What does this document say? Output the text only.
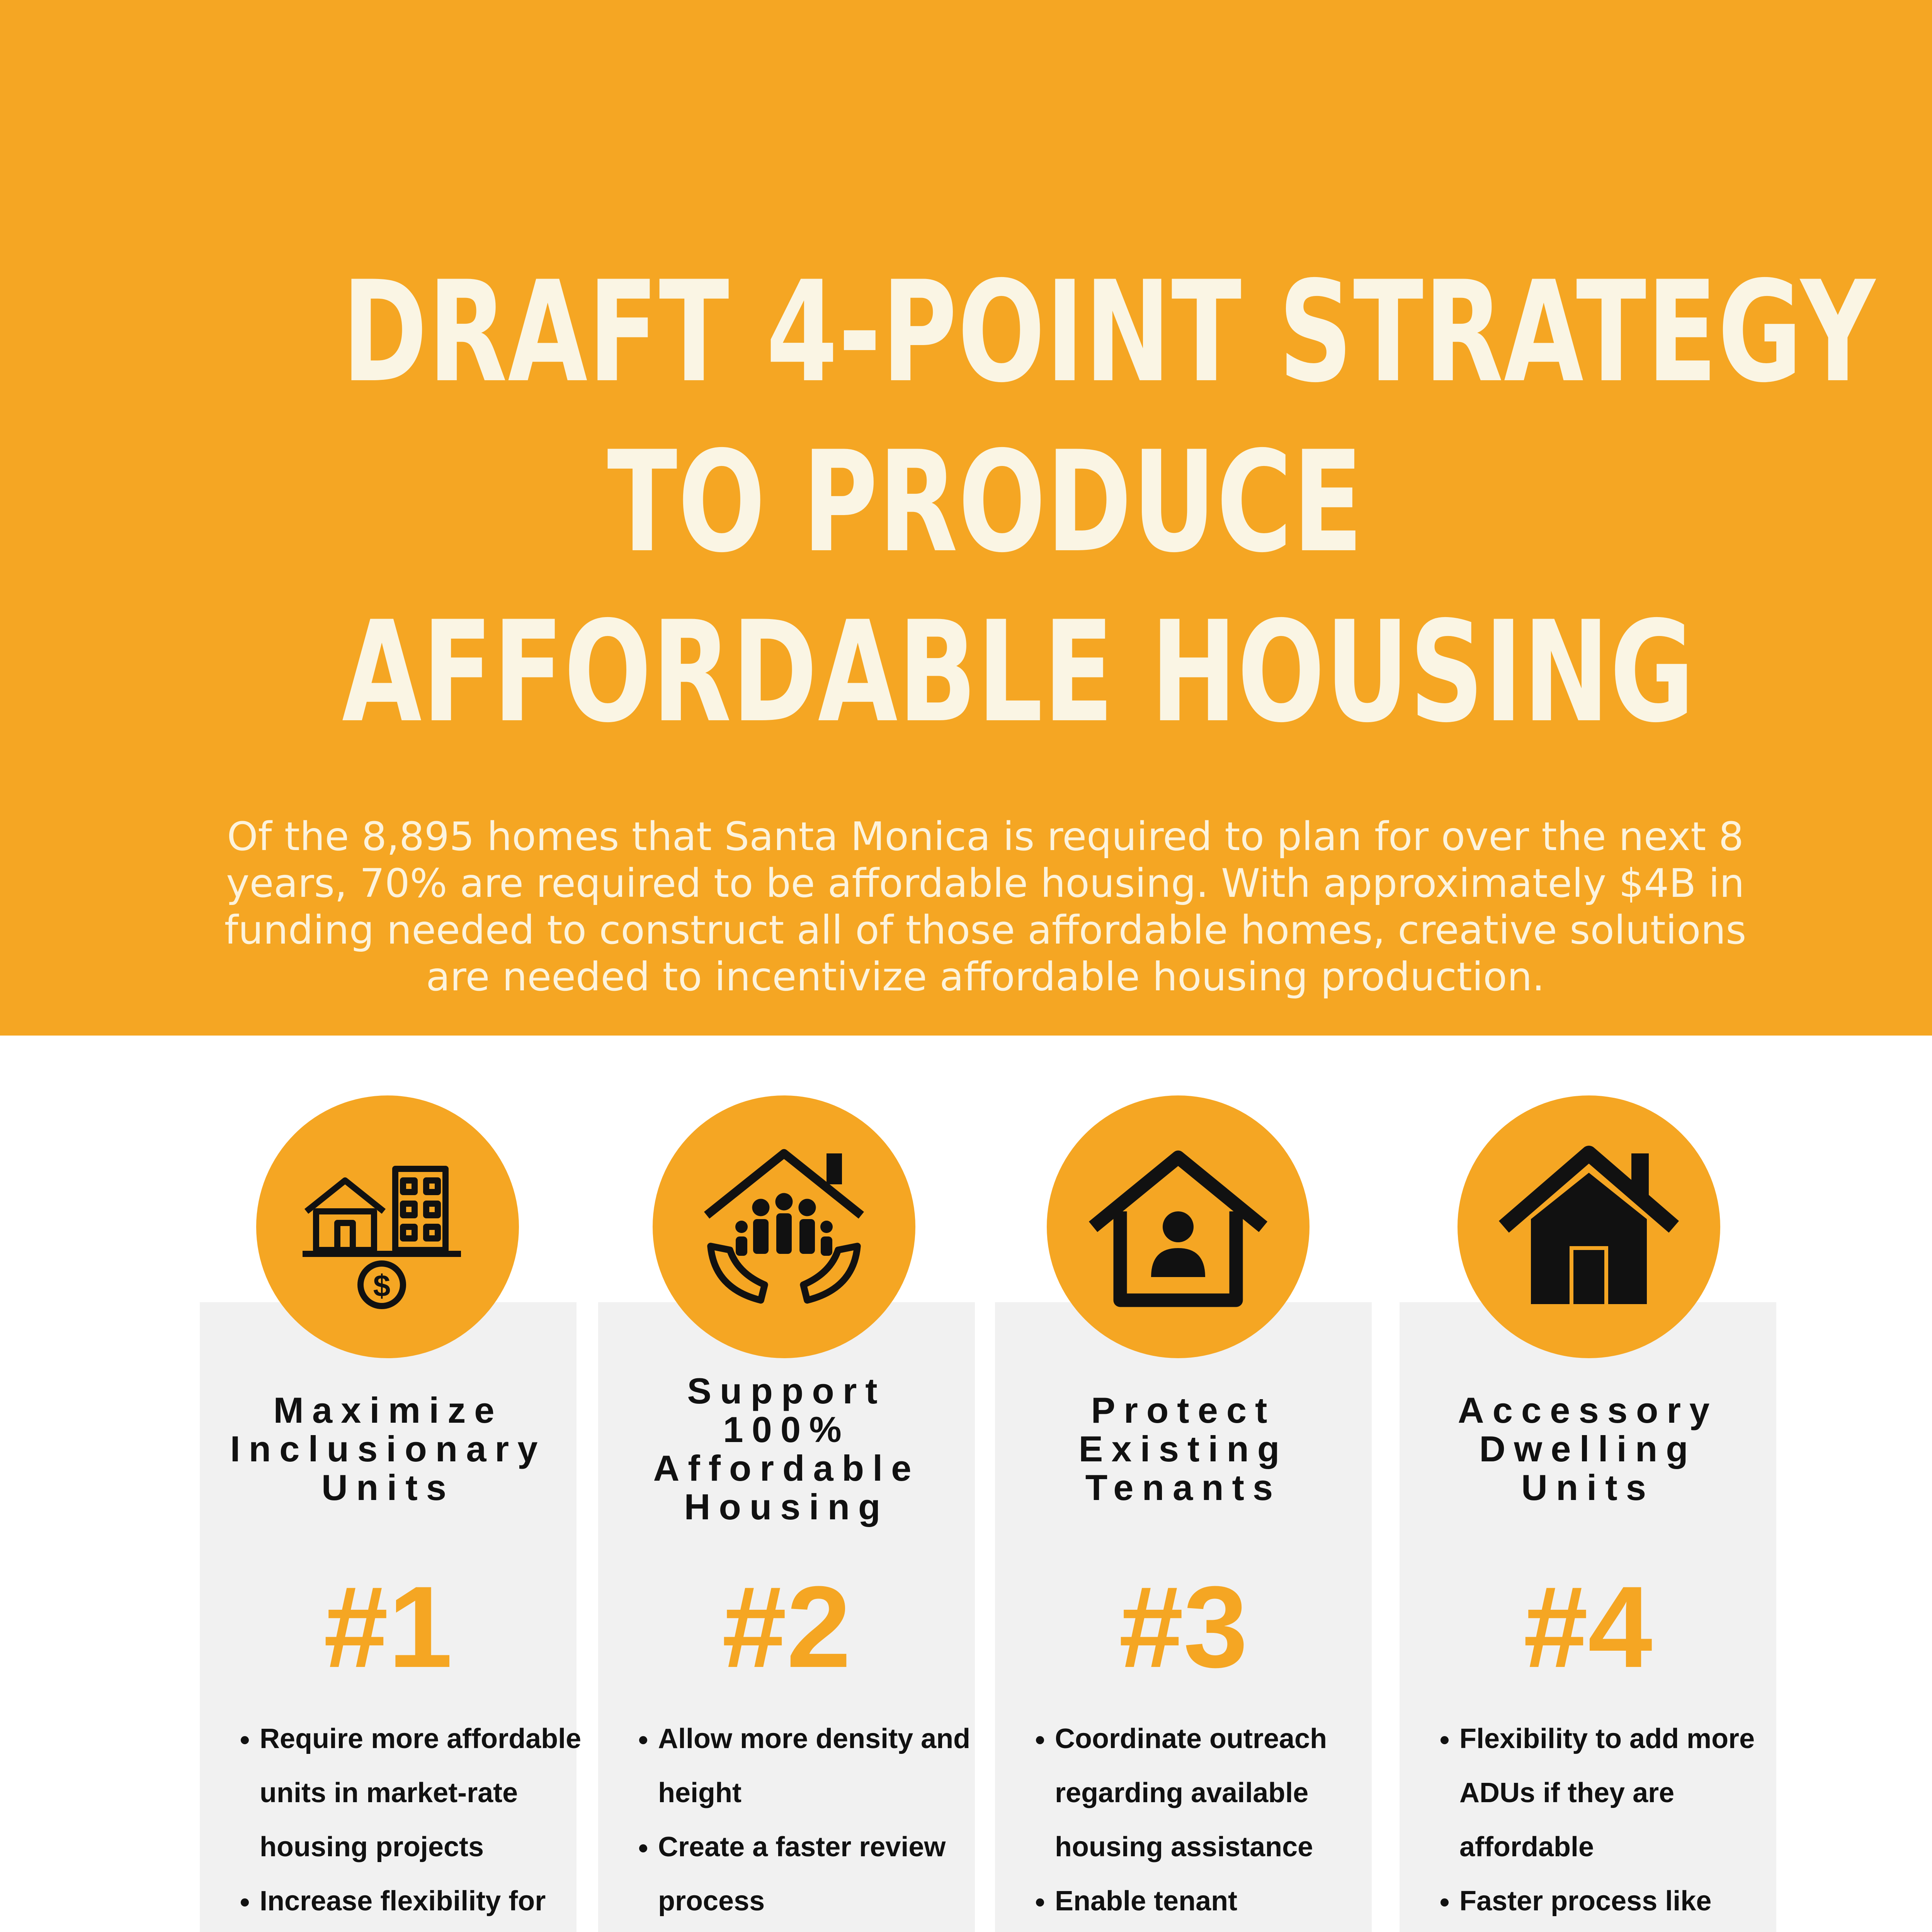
DRAFT 4-POINT STRATEGY
TO PRODUCE
AFFORDABLE HOUSING
Of the 8,895 homes that Santa Monica is required to plan for over the next 8 years, 70% are required to be affordable housing. With approximately $4B in funding needed to construct all of those affordable homes, creative solutions are needed to incentivize affordable housing production.
Maximize
Inclusionary
Units
#1
• Require more affordable units in market-rate housing projects
• Increase flexibility for
Support
100%
Affordable
Housing
#2
• Allow more density and height
• Create a faster review process
•
Protect
Existing
Tenants
#3
• Coordinate outreach regarding available housing assistance
• Enable tenant
Accessory
Dwelling
Units
#4
• Flexibility to add more ADUs if they are affordable
• Faster process like
$
